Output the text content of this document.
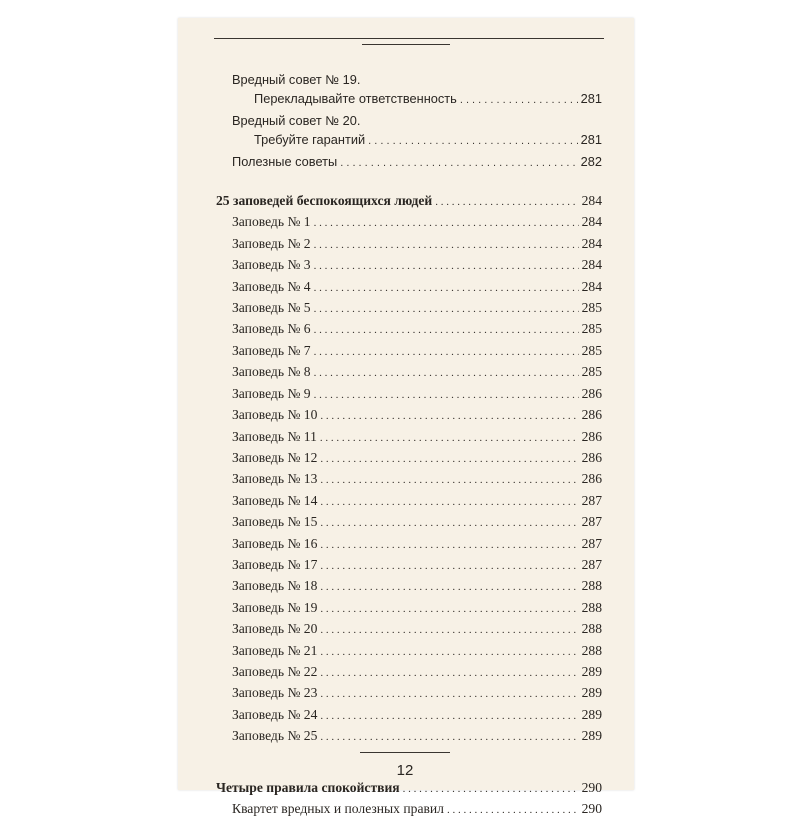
Вредный совет № 19.
Перекладывайте ответственность . . .	281
Вредный совет № 20.
Требуйте гарантий . . .	281
Полезные советы . . .	282
25 заповедей беспокоящихся людей . . .	284
Заповедь № 1 . . .	284
Заповедь № 2 . . .	284
Заповедь № 3 . . .	284
Заповедь № 4 . . .	284
Заповедь № 5 . . .	285
Заповедь № 6 . . .	285
Заповедь № 7 . . .	285
Заповедь № 8 . . .	285
Заповедь № 9 . . .	286
Заповедь № 10 . . .	286
Заповедь № 11 . . .	286
Заповедь № 12 . . .	286
Заповедь № 13 . . .	286
Заповедь № 14 . . .	287
Заповедь № 15 . . .	287
Заповедь № 16 . . .	287
Заповедь № 17 . . .	287
Заповедь № 18 . . .	288
Заповедь № 19 . . .	288
Заповедь № 20 . . .	288
Заповедь № 21 . . .	288
Заповедь № 22 . . .	289
Заповедь № 23 . . .	289
Заповедь № 24 . . .	289
Заповедь № 25 . . .	289
Четыре правила спокойствия . . .	290
Квартет вредных и полезных правил . . .	290
12
